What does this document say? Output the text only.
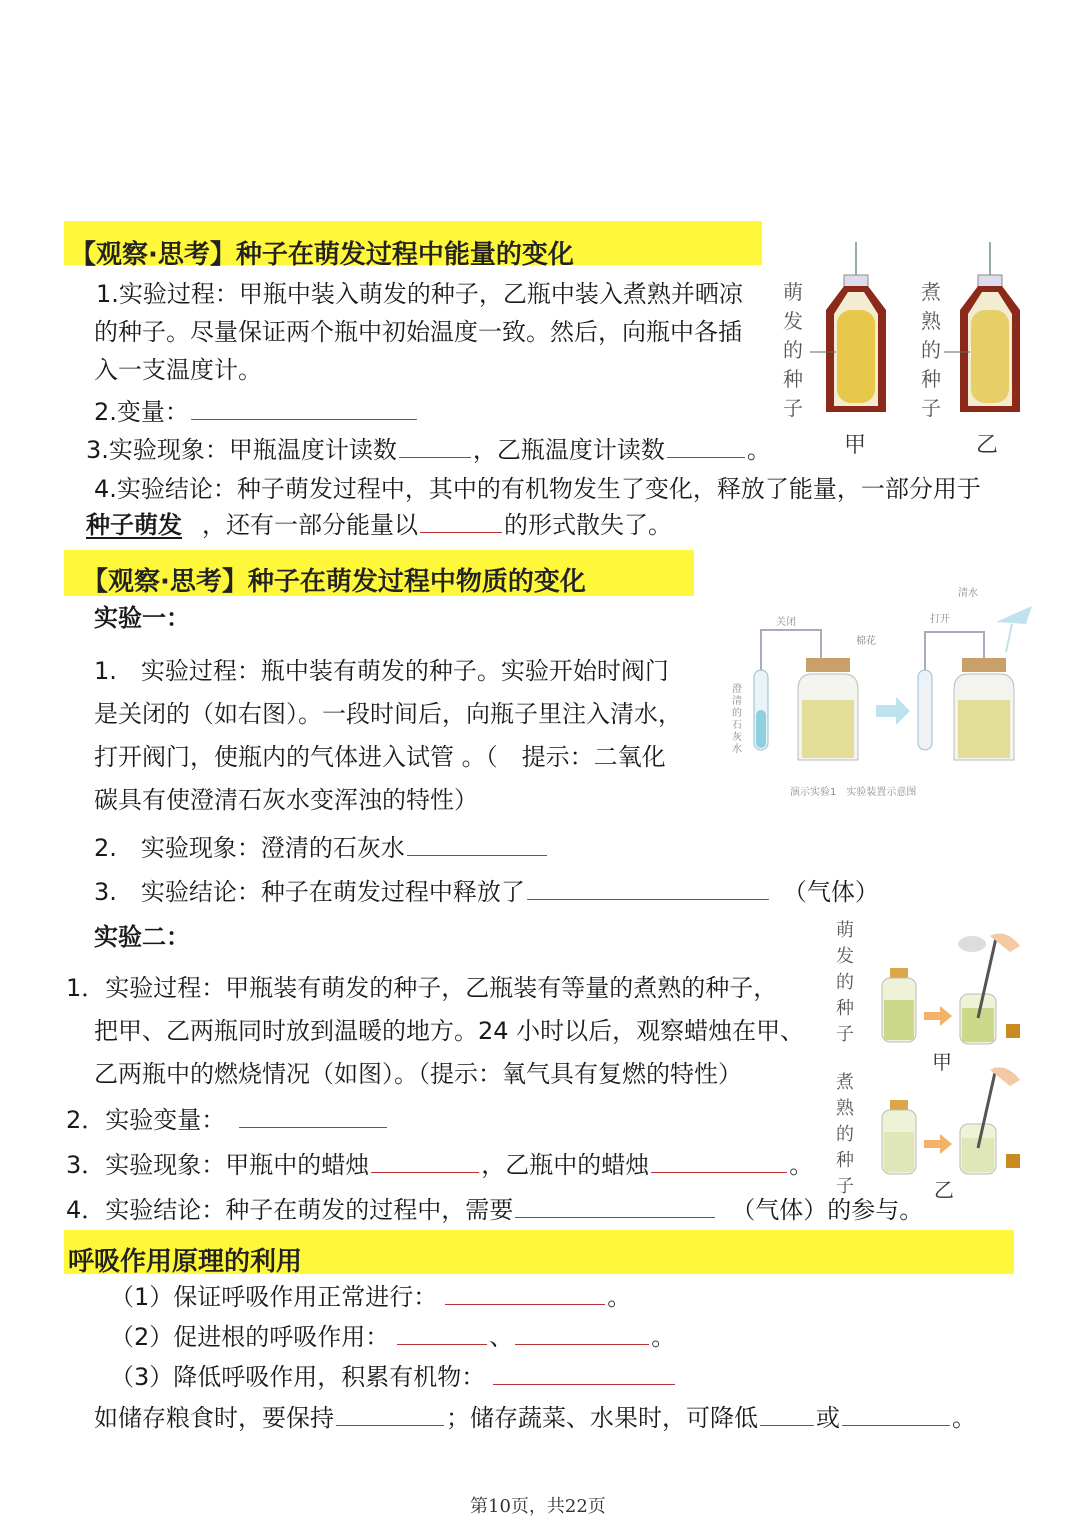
【观察·思考】种子在萌发过程中能量的变化
1.实验过程：甲瓶中装入萌发的种子，乙瓶中装入煮熟并晒凉
的种子。尽量保证两个瓶中初始温度一致。然后，向瓶中各插
入一支温度计。
2.变量：
3.实验现象：甲瓶温度计读数	，乙瓶温度计读数	。
4.实验结论：种子萌发过程中，其中的有机物发生了变化，释放了能量，一部分用于
种子萌发 ，还有一部分能量以	的形式散失了。
萌发的种子
煮熟的种子
甲	乙
【观察·思考】种子在萌发过程中物质的变化
实验一：
1.　实验过程：瓶中装有萌发的种子。实验开始时阀门
是关闭的（如右图）。一段时间后，向瓶子里注入清水，
打开阀门，使瓶内的气体进入试管 。（　提示：二氧化
碳具有使澄清石灰水变浑浊的特性）
2.　实验现象：澄清的石灰水
3.　实验结论：种子在萌发过程中释放了	（气体）
清水
打开
关闭
棉花
澄清的石灰水
演示实验1　实验装置示意图
实验二：
1．实验过程：甲瓶装有萌发的种子，乙瓶装有等量的煮熟的种子，
把甲、乙两瓶同时放到温暖的地方。24 小时以后，观察蜡烛在甲、
乙两瓶中的燃烧情况（如图）。（提示：氧气具有复燃的特性）
2．实验变量：
3．实验现象：甲瓶中的蜡烛	，乙瓶中的蜡烛	。
4．实验结论：种子在萌发的过程中，需要	（气体）的参与。
萌发的种子
煮熟的种子
甲
乙
呼吸作用原理的利用
（1）保证呼吸作用正常进行：	。
（2）促进根的呼吸作用：	、	。
（3）降低呼吸作用，积累有机物：
如储存粮食时，要保持	；储存蔬菜、水果时，可降低 或	。
第10页，共22页
